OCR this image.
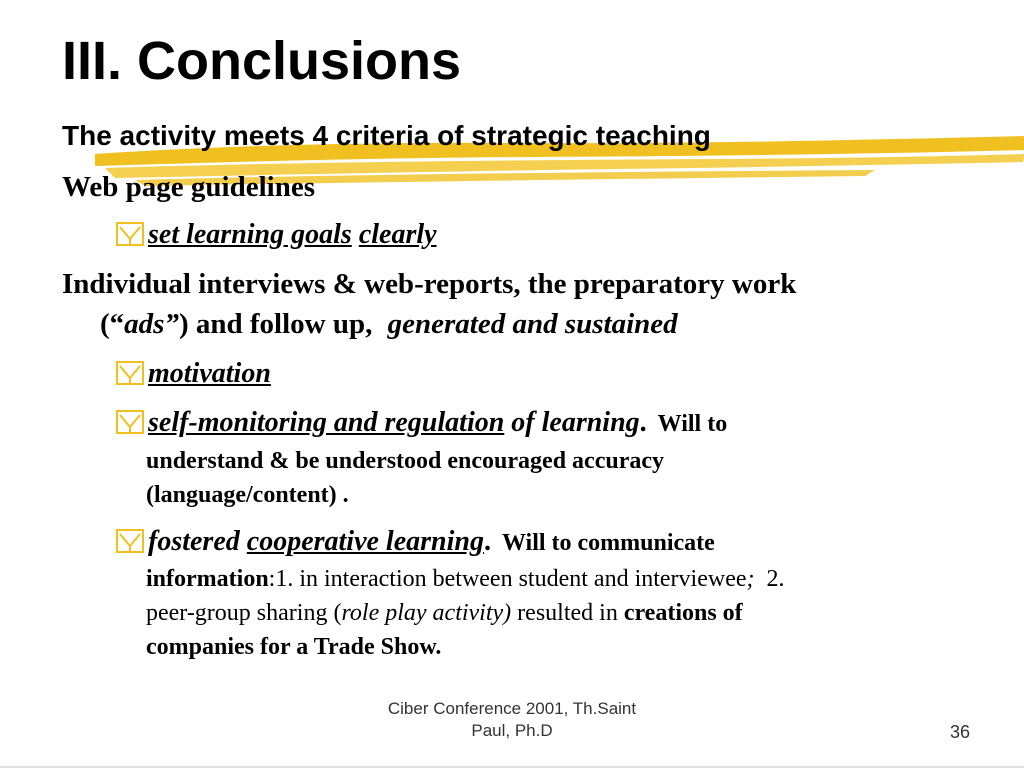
III. Conclusions
The activity meets 4 criteria of strategic teaching
Web page guidelines
set learning goals clearly
Individual interviews & web-reports, the preparatory work
(“ads”) and follow up, generated and sustained
motivation
self-monitoring and regulation of learning. Will to
understand & be understood encouraged accuracy
(language/content) .
fostered cooperative learning. Will to communicate
information:1. in interaction between student and interviewee; 2.
peer-group sharing (role play activity) resulted in creations of
companies for a Trade Show.
Ciber Conference 2001, Th.Saint
Paul, Ph.D	36
